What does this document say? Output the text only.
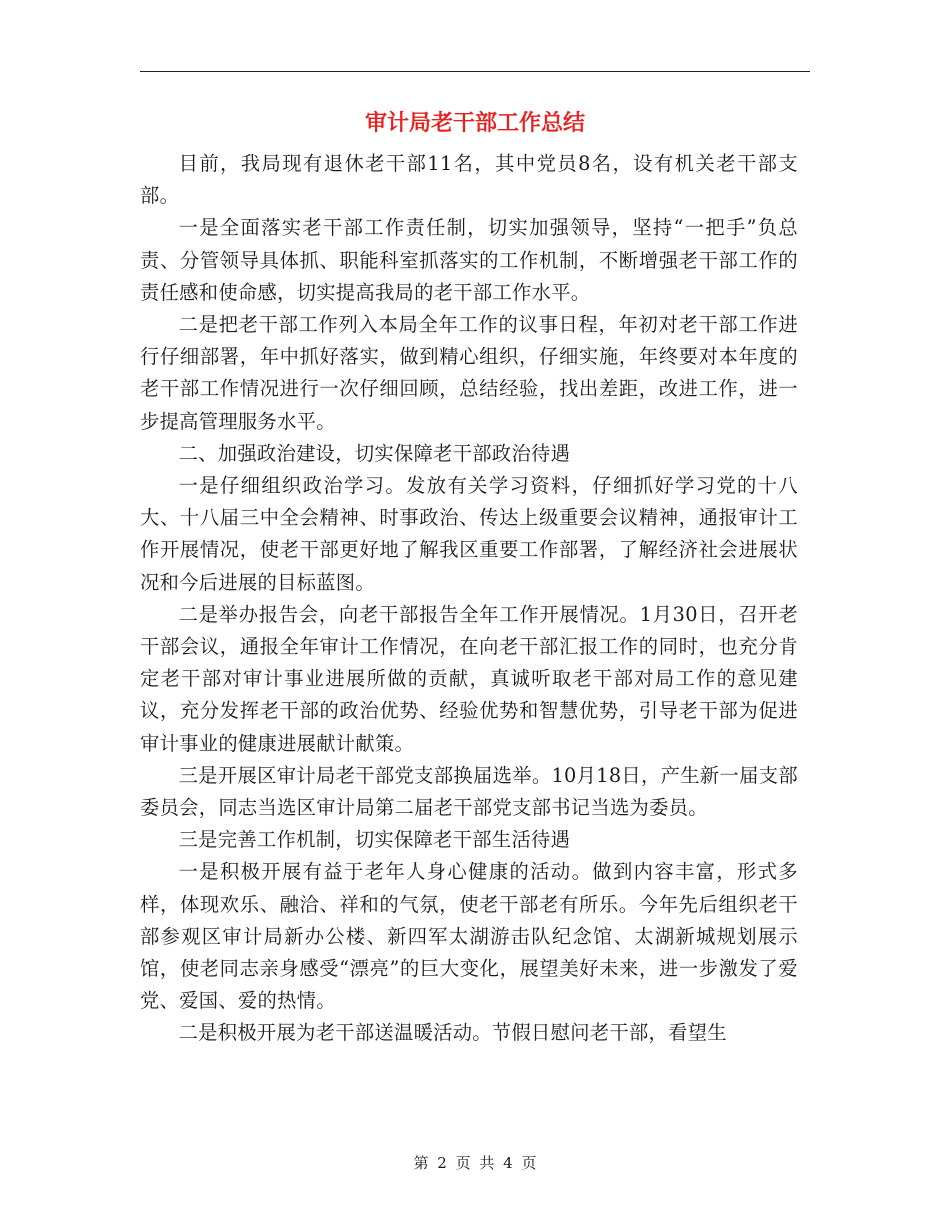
审计局老干部工作总结

目前，我局现有退休老干部11名，其中党员8名，设有机关老干部支部。

一是全面落实老干部工作责任制，切实加强领导，坚持“一把手”负总责、分管领导具体抓、职能科室抓落实的工作机制，不断增强老干部工作的责任感和使命感，切实提高我局的老干部工作水平。

二是把老干部工作列入本局全年工作的议事日程，年初对老干部工作进行仔细部署，年中抓好落实，做到精心组织，仔细实施，年终要对本年度的老干部工作情况进行一次仔细回顾，总结经验，找出差距，改进工作，进一步提高管理服务水平。

二、加强政治建设，切实保障老干部政治待遇

一是仔细组织政治学习。发放有关学习资料，仔细抓好学习党的十八大、十八届三中全会精神、时事政治、传达上级重要会议精神，通报审计工作开展情况，使老干部更好地了解我区重要工作部署，了解经济社会进展状况和今后进展的目标蓝图。

二是举办报告会，向老干部报告全年工作开展情况。1月30日，召开老干部会议，通报全年审计工作情况，在向老干部汇报工作的同时，也充分肯定老干部对审计事业进展所做的贡献，真诚听取老干部对局工作的意见建议，充分发挥老干部的政治优势、经验优势和智慧优势，引导老干部为促进审计事业的健康进展献计献策。

三是开展区审计局老干部党支部换届选举。10月18日，产生新一届支部委员会，同志当选区审计局第二届老干部党支部书记当选为委员。

三是完善工作机制，切实保障老干部生活待遇

一是积极开展有益于老年人身心健康的活动。做到内容丰富，形式多样，体现欢乐、融洽、祥和的气氛，使老干部老有所乐。今年先后组织老干部参观区审计局新办公楼、新四军太湖游击队纪念馆、太湖新城规划展示馆，使老同志亲身感受“漂亮”的巨大变化，展望美好未来，进一步激发了爱党、爱国、爱的热情。

二是积极开展为老干部送温暖活动。节假日慰问老干部，看望生

第 2 页 共 4 页
